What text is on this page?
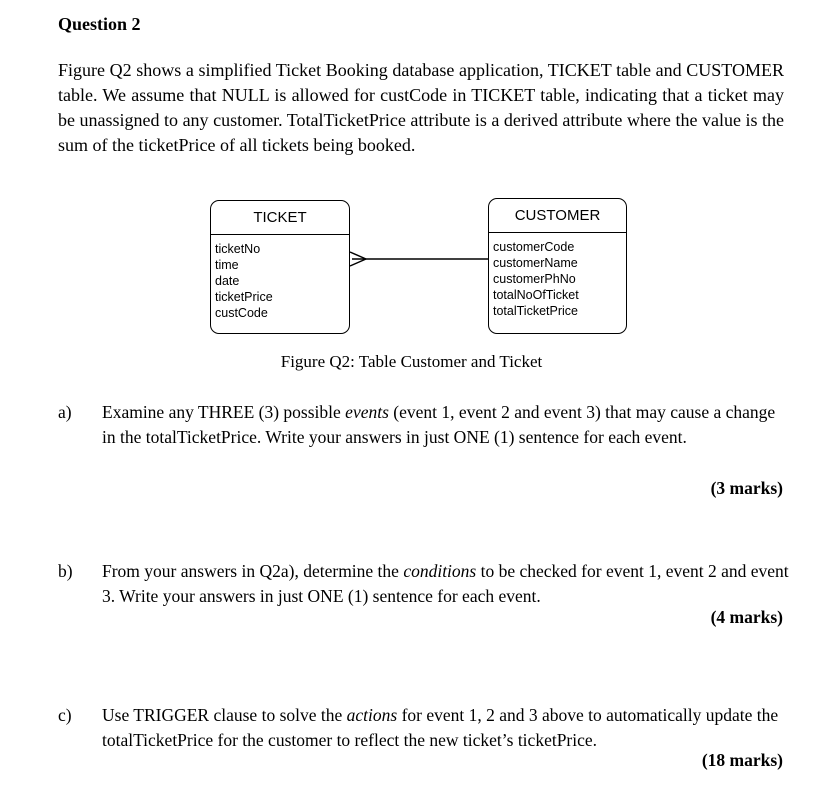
Question 2
Figure Q2 shows a simplified Ticket Booking database application, TICKET table and CUSTOMER table. We assume that NULL is allowed for custCode in TICKET table, indicating that a ticket may be unassigned to any customer. TotalTicketPrice attribute is a derived attribute where the value is the sum of the ticketPrice of all tickets being booked.
TICKET
ticketNo
time
date
ticketPrice
custCode
CUSTOMER
customerCode
customerName
customerPhNo
totalNoOfTicket
totalTicketPrice
Figure Q2: Table Customer and Ticket
a) Examine any THREE (3) possible events (event 1, event 2 and event 3) that may cause a change in the totalTicketPrice. Write your answers in just ONE (1) sentence for each event.
(3 marks)
b) From your answers in Q2a), determine the conditions to be checked for event 1, event 2 and event 3. Write your answers in just ONE (1) sentence for each event.
(4 marks)
c) Use TRIGGER clause to solve the actions for event 1, 2 and 3 above to automatically update the totalTicketPrice for the customer to reflect the new ticket’s ticketPrice.
(18 marks)
